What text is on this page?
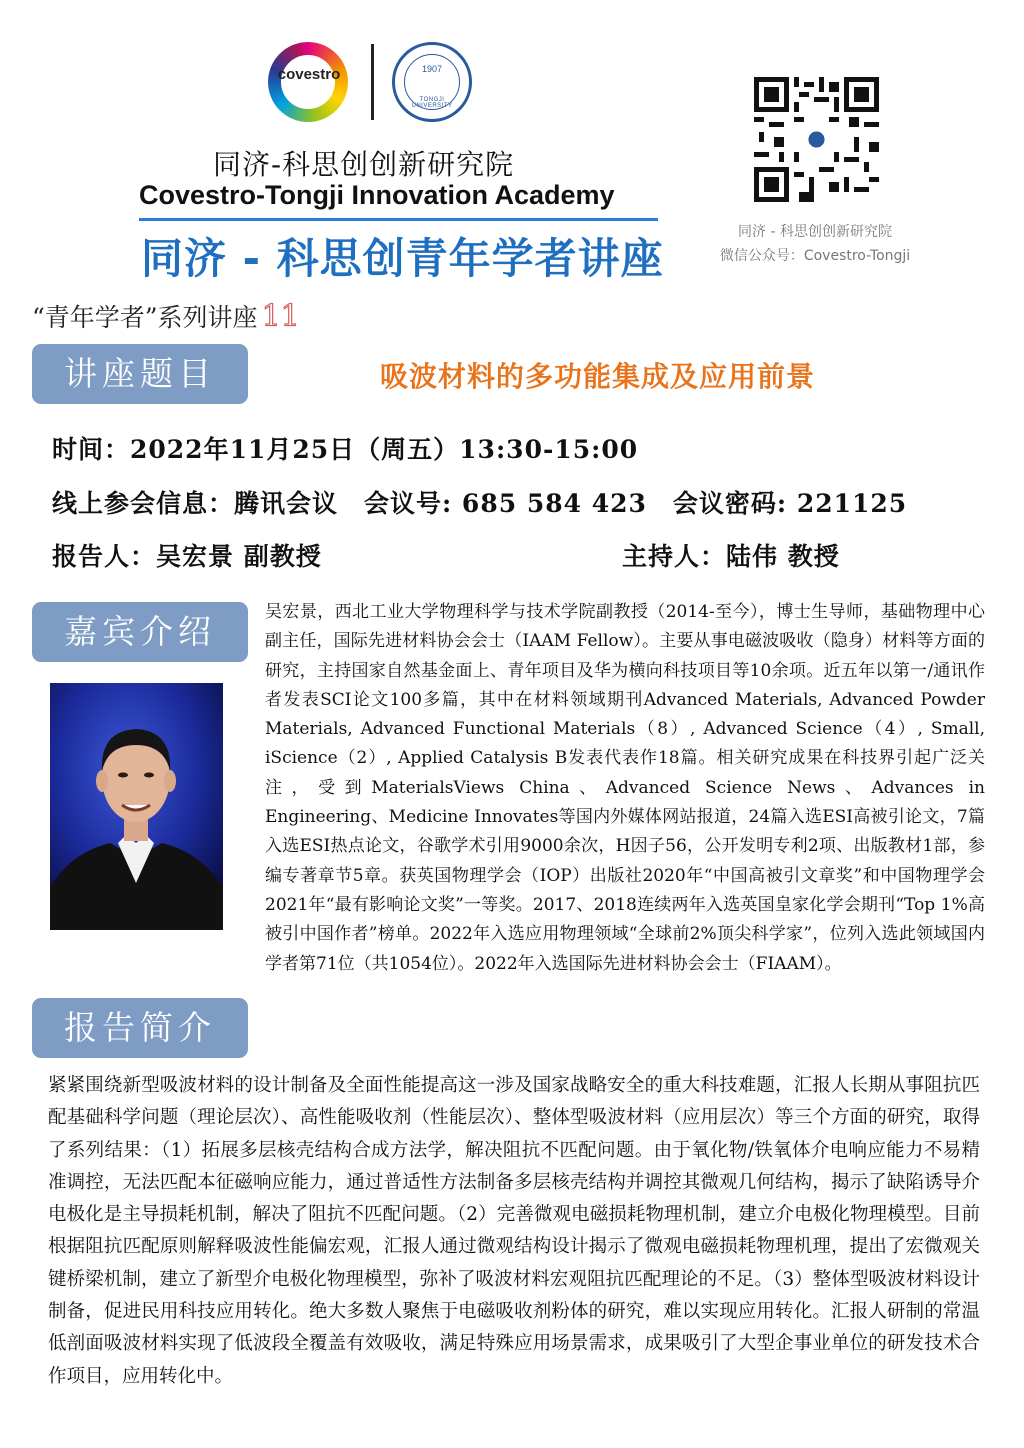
covestro	1907
TONGJI UNIVERSITY
同济-科思创创新研究院
Covestro-Tongji Innovation Academy
同济 - 科思创青年学者讲座
同济 - 科思创创新研究院
微信公众号：Covestro-Tongji
“青年学者”系列讲座 11
讲座题目	吸波材料的多功能集成及应用前景
时间：2022年11月25日（周五）13:30-15:00
线上参会信息：腾讯会议　会议号: 685 584 423　会议密码: 221125
报告人：吴宏景 副教授	主持人：陆伟 教授
嘉宾介绍	吴宏景，西北工业大学物理科学与技术学院副教授（2014-至今），博士生导师，基础物理中心副主任，国际先进材料协会会士（IAAM Fellow）。主要从事电磁波吸收（隐身）材料等方面的研究，主持国家自然基金面上、青年项目及华为横向科技项目等10余项。近五年以第一/通讯作者发表SCI论文100多篇，其中在材料领域期刊Advanced Materials, Advanced Powder Materials, Advanced Functional Materials（8）, Advanced Science（4）, Small, iScience（2）, Applied Catalysis B发表代表作18篇。相关研究成果在科技界引起广泛关注，受到MaterialsViews China、Advanced Science News、Advances in Engineering、Medicine Innovates等国内外媒体网站报道，24篇入选ESI高被引论文，7篇入选ESI热点论文，谷歌学术引用9000余次，H因子56，公开发明专利2项、出版教材1部，参编专著章节5章。获英国物理学会（IOP）出版社2020年“中国高被引文章奖”和中国物理学会2021年“最有影响论文奖”一等奖。2017、2018连续两年入选英国皇家化学会期刊“Top 1%高被引中国作者”榜单。2022年入选应用物理领域“全球前2%顶尖科学家”，位列入选此领域国内学者第71位（共1054位）。2022年入选国际先进材料协会会士（FIAAM）。
报告简介
紧紧围绕新型吸波材料的设计制备及全面性能提高这一涉及国家战略安全的重大科技难题，汇报人长期从事阻抗匹配基础科学问题（理论层次）、高性能吸收剂（性能层次）、整体型吸波材料（应用层次）等三个方面的研究，取得了系列结果：（1）拓展多层核壳结构合成方法学，解决阻抗不匹配问题。由于氧化物/铁氧体介电响应能力不易精准调控，无法匹配本征磁响应能力，通过普适性方法制备多层核壳结构并调控其微观几何结构，揭示了缺陷诱导介电极化是主导损耗机制，解决了阻抗不匹配问题。（2）完善微观电磁损耗物理机制，建立介电极化物理模型。目前根据阻抗匹配原则解释吸波性能偏宏观，汇报人通过微观结构设计揭示了微观电磁损耗物理机理，提出了宏微观关键桥梁机制，建立了新型介电极化物理模型，弥补了吸波材料宏观阻抗匹配理论的不足。（3）整体型吸波材料设计制备，促进民用科技应用转化。绝大多数人聚焦于电磁吸收剂粉体的研究，难以实现应用转化。汇报人研制的常温低剖面吸波材料实现了低波段全覆盖有效吸收，满足特殊应用场景需求，成果吸引了大型企事业单位的研发技术合作项目，应用转化中。
